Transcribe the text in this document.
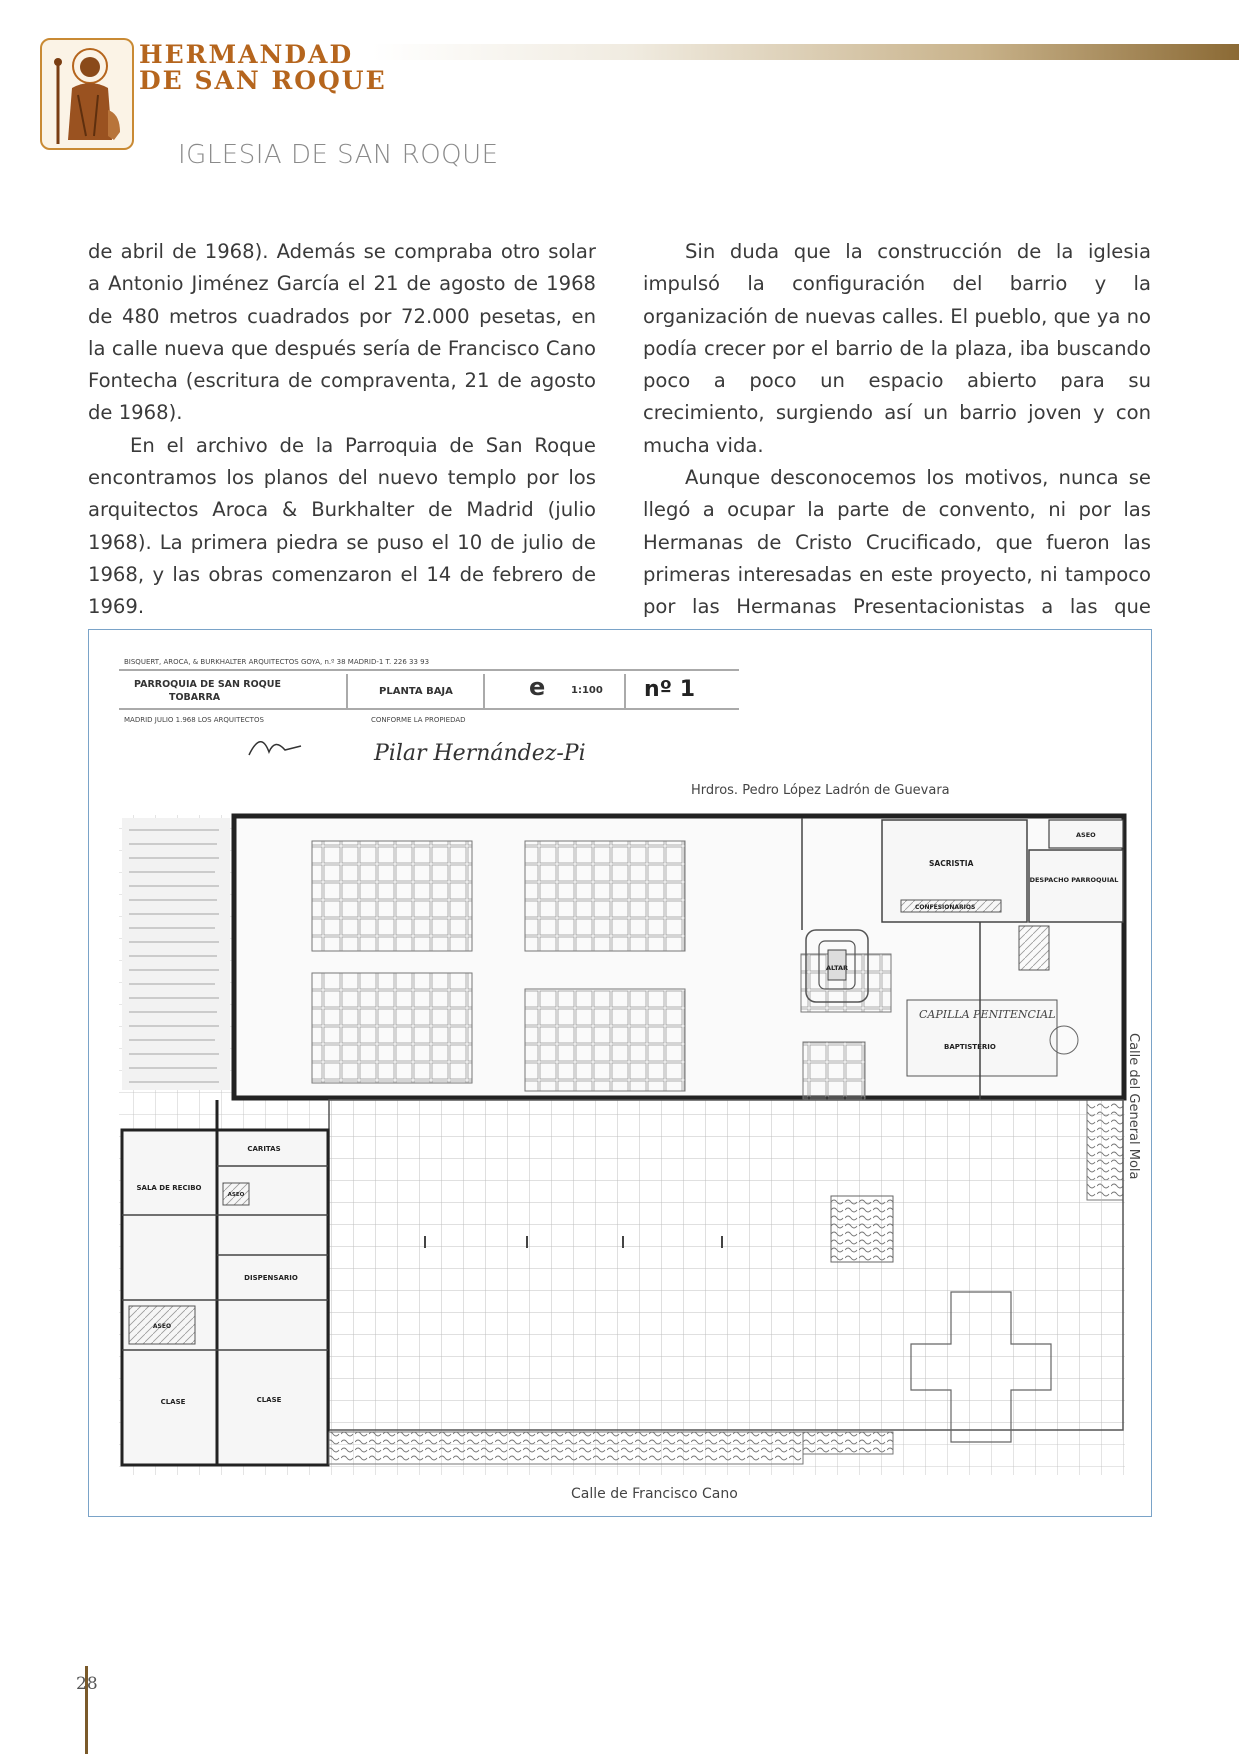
HERMANDAD
DE SAN ROQUE
IGLESIA DE SAN ROQUE

de abril de 1968). Además se compraba otro solar a Antonio Jiménez García el 21 de agosto de 1968 de 480 metros cuadrados por 72.000 pesetas, en la calle nueva que después sería de Francisco Cano Fontecha (escritura de compraventa, 21 de agosto de 1968).

En el archivo de la Parroquia de San Roque encontramos los planos del nuevo templo por los arquitectos Aroca & Burkhalter de Madrid (julio 1968). La primera piedra se puso el 10 de julio de 1968, y las obras comenzaron el 14 de febrero de 1969.

Sin duda que la construcción de la iglesia impulsó la configuración del barrio y la organización de nuevas calles. El pueblo, que ya no podía crecer por el barrio de la plaza, iba buscando poco a poco un espacio abierto para su crecimiento, surgiendo así un barrio joven y con mucha vida.

Aunque desconocemos los motivos, nunca se llegó a ocupar la parte de convento, ni por las Hermanas de Cristo Crucificado, que fueron las primeras interesadas en este proyecto, ni tampoco por las Hermanas Presentacionistas a las que

BISQUERT, AROCA, & BURKHALTER ARQUITECTOS GOYA, n.º 38 MADRID-1 T. 226 33 93
PARROQUIA DE SAN ROQUE
TOBARRA
PLANTA BAJA	e	1:100 nº 1
MADRID JULIO 1.968 LOS ARQUITECTOS	CONFORME LA PROPIEDAD
Pilar Hernández-Pi
Hrdros. Pedro López Ladrón de Guevara
SACRISTIA
CONFESIONARIOS
DESPACHO PARROQUIAL
ASEO
ALTAR
CAPILLA PENITENCIAL
BAPTISTERIO	Calle del General Mola
CARITAS
SALA DE RECIBO
ASEO
DISPENSARIO
ASEO
CLASE	CLASE
Calle de Francisco Cano
28
